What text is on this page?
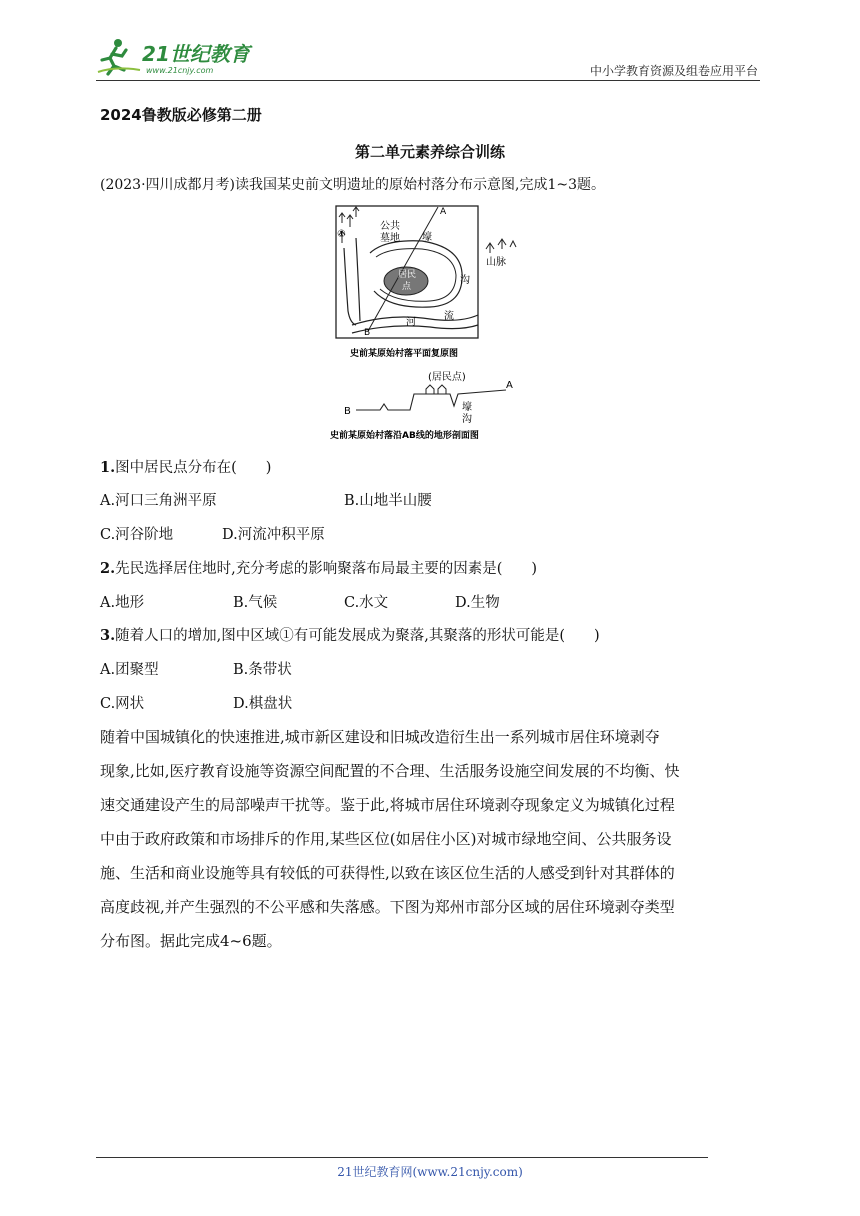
21世纪教育
www.21cnjy.com	中小学教育资源及组卷应用平台
2024鲁教版必修第二册
第二单元素养综合训练
(2023·四川成都月考)读我国某史前文明遗址的原始村落分布示意图,完成1~3题。
A
B
①
公共
墓地 壕
沟
居民
点
河
流
山脉
史前某原始村落平面复原图
(居民点)
B
A
壕
沟
史前某原始村落沿AB线的地形剖面图
1.图中居民点分布在(　　)
A.河口三角洲平原	B.山地半山腰
C.河谷阶地	D.河流冲积平原
2.先民选择居住地时,充分考虑的影响聚落布局最主要的因素是(　　)
A.地形	B.气候	C.水文	D.生物
3.随着人口的增加,图中区域①有可能发展成为聚落,其聚落的形状可能是(　　)
A.团聚型	B.条带状
C.网状	D.棋盘状
随着中国城镇化的快速推进,城市新区建设和旧城改造衍生出一系列城市居住环境剥夺
现象,比如,医疗教育设施等资源空间配置的不合理、生活服务设施空间发展的不均衡、快
速交通建设产生的局部噪声干扰等。鉴于此,将城市居住环境剥夺现象定义为城镇化过程
中由于政府政策和市场排斥的作用,某些区位(如居住小区)对城市绿地空间、公共服务设
施、生活和商业设施等具有较低的可获得性,以致在该区位生活的人感受到针对其群体的
高度歧视,并产生强烈的不公平感和失落感。下图为郑州市部分区域的居住环境剥夺类型
分布图。据此完成4~6题。
21世纪教育网(www.21cnjy.com)
